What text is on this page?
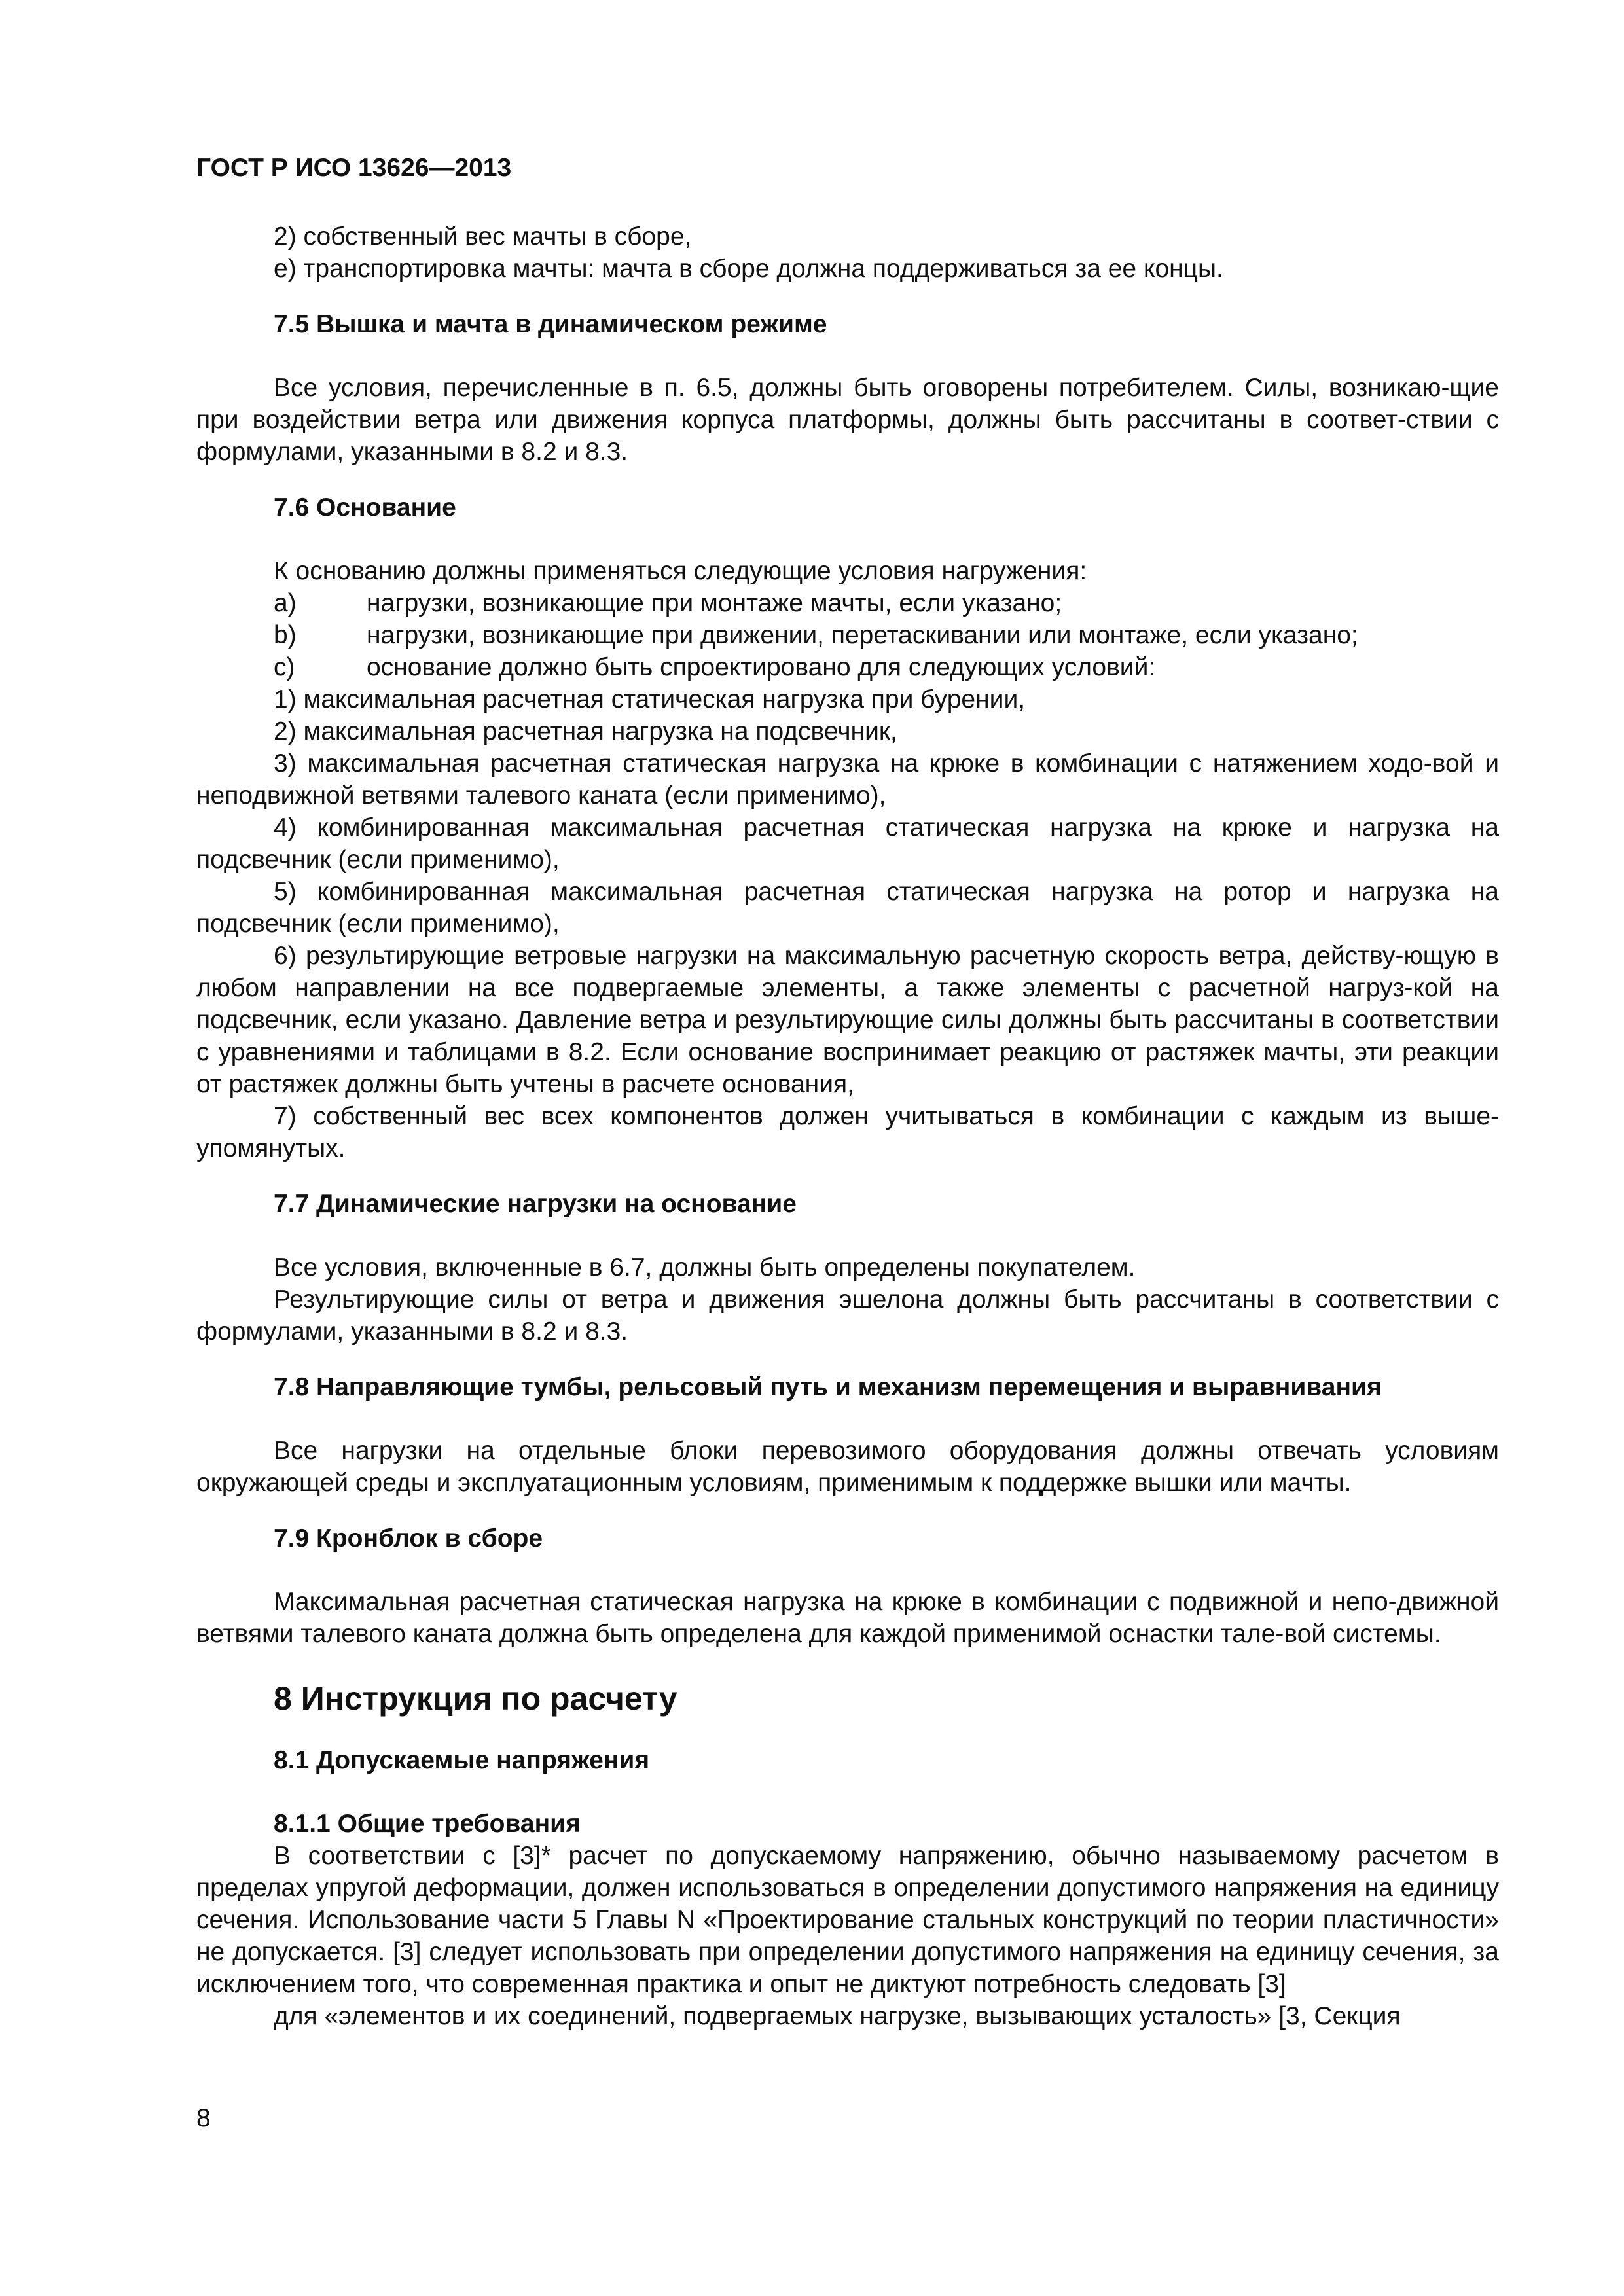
ГОСТ Р ИСО 13626—2013

2) собственный вес мачты в сборе,

e) транспортировка мачты: мачта в сборе должна поддерживаться за ее концы.

7.5 Вышка и мачта в динамическом режиме

Все условия, перечисленные в п. 6.5, должны быть оговорены потребителем. Силы, возникаю-щие при воздействии ветра или движения корпуса платформы, должны быть рассчитаны в соответ-ствии с формулами, указанными в 8.2 и 8.3.

7.6 Основание

К основанию должны применяться следующие условия нагружения:

a)	нагрузки, возникающие при монтаже мачты, если указано;

b)	нагрузки, возникающие при движении, перетаскивании или монтаже, если указано;

c)	основание должно быть спроектировано для следующих условий:

1) максимальная расчетная статическая нагрузка при бурении,

2) максимальная расчетная нагрузка на подсвечник,

3) максимальная расчетная статическая нагрузка на крюке в комбинации с натяжением ходо-вой и неподвижной ветвями талевого каната (если применимо),

4) комбинированная максимальная расчетная статическая нагрузка на крюке и нагрузка на подсвечник (если применимо),

5) комбинированная максимальная расчетная статическая нагрузка на ротор и нагрузка на подсвечник (если применимо),

6) результирующие ветровые нагрузки на максимальную расчетную скорость ветра, действу-ющую в любом направлении на все подвергаемые элементы, а также элементы с расчетной нагруз-кой на подсвечник, если указано. Давление ветра и результирующие силы должны быть рассчитаны в соответствии с уравнениями и таблицами в 8.2. Если основание воспринимает реакцию от растяжек мачты, эти реакции от растяжек должны быть учтены в расчете основания,

7) собственный вес всех компонентов должен учитываться в комбинации с каждым из выше-упомянутых.

7.7 Динамические нагрузки на основание

Все условия, включенные в 6.7, должны быть определены покупателем.

Результирующие силы от ветра и движения эшелона должны быть рассчитаны в соответствии с формулами, указанными в 8.2 и 8.3.

7.8 Направляющие тумбы, рельсовый путь и механизм перемещения и выравнивания

Все нагрузки на отдельные блоки перевозимого оборудования должны отвечать условиям окружающей среды и эксплуатационным условиям, применимым к поддержке вышки или мачты.

7.9 Кронблок в сборе

Максимальная расчетная статическая нагрузка на крюке в комбинации с подвижной и непо-движной ветвями талевого каната должна быть определена для каждой применимой оснастки тале-вой системы.

8 Инструкция по расчету
8.1 Допускаемые напряжения
8.1.1 Общие требования

В соответствии с [3]* расчет по допускаемому напряжению, обычно называемому расчетом в пределах упругой деформации, должен использоваться в определении допустимого напряжения на единицу сечения. Использование части 5 Главы N «Проектирование стальных конструкций по теории пластичности» не допускается. [3] следует использовать при определении допустимого напряжения на единицу сечения, за исключением того, что современная практика и опыт не диктуют потребность следовать [3]

для «элементов и их соединений, подвергаемых нагрузке, вызывающих усталость» [3, Секция

8
